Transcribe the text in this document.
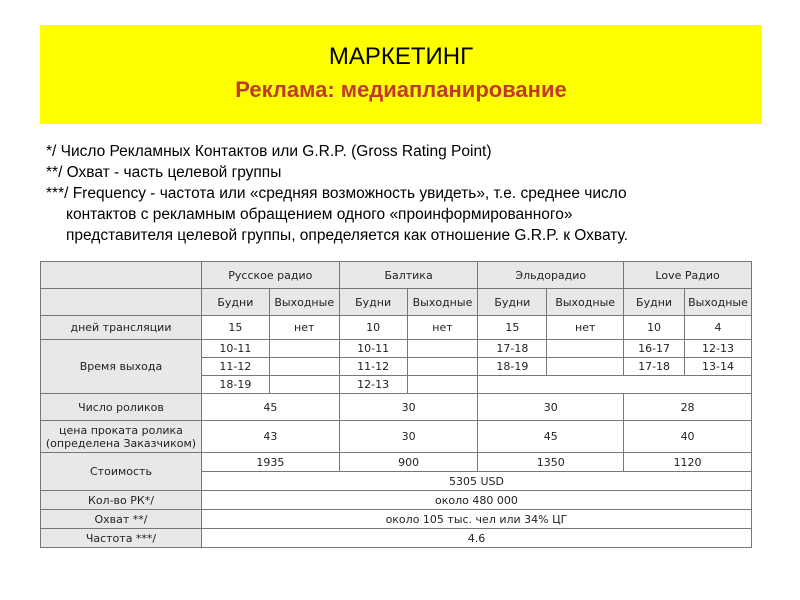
МАРКЕТИНГ
Реклама: медиапланирование

*/ Число Рекламных Контактов или G.R.P. (Gross Rating Point)

**/ Охват - часть целевой группы

***/ Frequency - частота или «средняя возможность увидеть», т.е. среднее число

контактов с рекламным обращением одного «проинформированного»

представителя целевой группы, определяется как отношение G.R.P. к Охвату.

	Русское радио		Балтика		Эльдорадио		Love Радио	
	Будни	Выходные	Будни	Выходные	Будни	Выходные	Будни	Выходные
дней трансляции	15	нет	10	нет	15	нет	10	4
Время выхода	10-11		10-11		17-18		16-17	12-13
	11-12		11-12		18-19		17-18	13-14
	18-19		12-13					
Число роликов	45		30		30		28	
цена проката ролика
(определена Заказчиком)	43		30		45		40	
Стоимость	1935		900		1350		1120	
	5305 USD							
Кол-во РК*/	около 480 000							
Охват **/	около 105 тыс. чел или 34% ЦГ							
Частота ***/	4.6							
